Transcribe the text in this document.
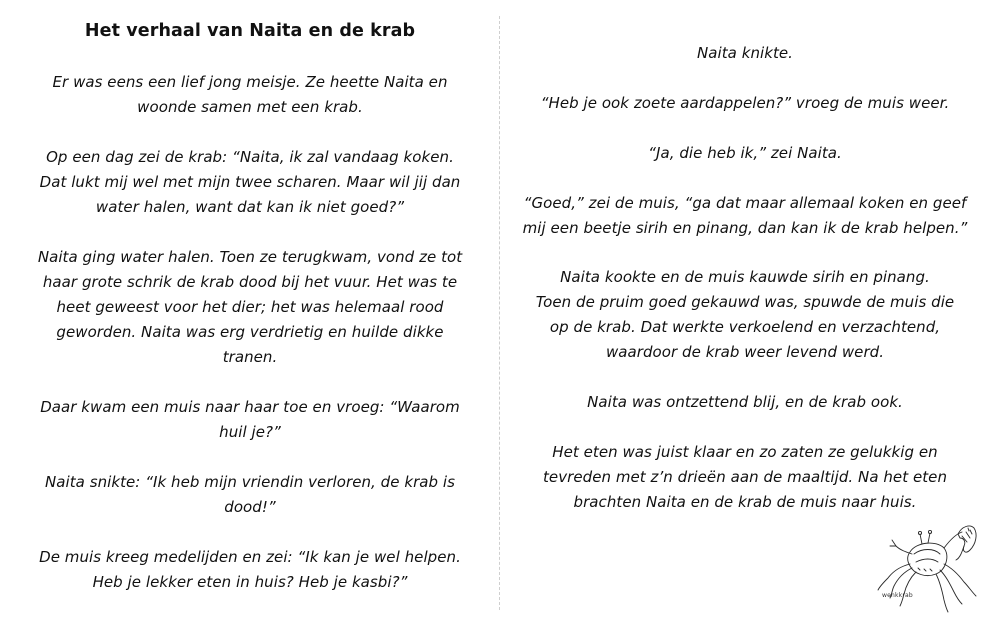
Het verhaal van Naita en de krab

Er was eens een lief jong meisje. Ze heette Naita en
woonde samen met een krab.

Op een dag zei de krab: “Naita, ik zal vandaag koken.
Dat lukt mij wel met mijn twee scharen. Maar wil jij dan
water halen, want dat kan ik niet goed?”

Naita ging water halen. Toen ze terugkwam, vond ze tot
haar grote schrik de krab dood bij het vuur. Het was te
heet geweest voor het dier; het was helemaal rood
geworden. Naita was erg verdrietig en huilde dikke
tranen.

Daar kwam een muis naar haar toe en vroeg: “Waarom
huil je?”

Naita snikte: “Ik heb mijn vriendin verloren, de krab is
dood!”

De muis kreeg medelijden en zei: “Ik kan je wel helpen.
Heb je lekker eten in huis? Heb je kasbi?”

Naita knikte.

“Heb je ook zoete aardappelen?” vroeg de muis weer.

“Ja, die heb ik,” zei Naita.

“Goed,” zei de muis, “ga dat maar allemaal koken en geef
mij een beetje sirih en pinang, dan kan ik de krab helpen.”

Naita kookte en de muis kauwde sirih en pinang.
Toen de pruim goed gekauwd was, spuwde de muis die
op de krab. Dat werkte verkoelend en verzachtend,
waardoor de krab weer levend werd.

Naita was ontzettend blij, en de krab ook.

Het eten was juist klaar en zo zaten ze gelukkig en
tevreden met z’n drieën aan de maaltijd. Na het eten
brachten Naita en de krab de muis naar huis.

wenkkrab
